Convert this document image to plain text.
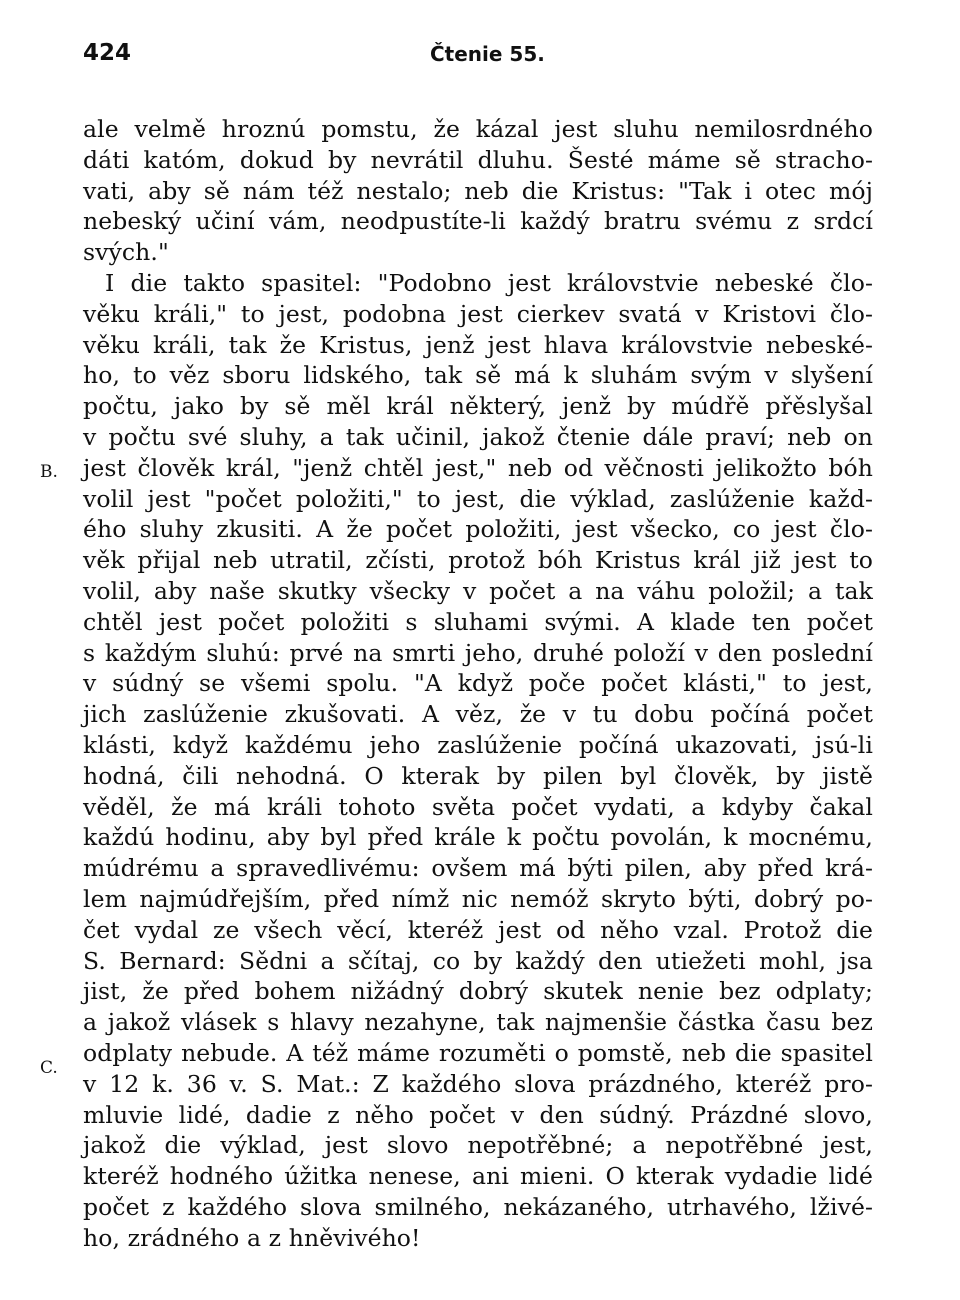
424	Čtenie 55.
B.
C.
ale velmě hroznú pomstu, že kázal jest sluhu nemilosrdného
dáti katóm, dokud by nevrátil dluhu. Šesté máme sě stracho-
vati, aby sě nám též nestalo; neb die Kristus: "Tak i otec mój
nebeský učiní vám, neodpustíte-li každý bratru svému z srdcí
svých."
I die takto spasitel: "Podobno jest královstvie nebeské člo-
věku králi," to jest, podobna jest cierkev svatá v Kristovi člo-
věku králi, tak že Kristus, jenž jest hlava královstvie nebeské-
ho, to věz sboru lidského, tak sě má k sluhám svým v slyšení
počtu, jako by sě měl král některý, jenž by múdřě přěslyšal
v počtu své sluhy, a tak učinil, jakož čtenie dále praví; neb on
jest člověk král, "jenž chtěl jest," neb od věčnosti jelikožto bóh
volil jest "počet položiti," to jest, die výklad, zaslúženie každ-
ého sluhy zkusiti. A že počet položiti, jest všecko, co jest člo-
věk přijal neb utratil, zčísti, protož bóh Kristus král již jest to
volil, aby naše skutky všecky v počet a na váhu položil; a tak
chtěl jest počet položiti s sluhami svými. A klade ten počet
s každým sluhú: prvé na smrti jeho, druhé položí v den poslední
v súdný se všemi spolu. "A když poče počet klásti," to jest,
jich zaslúženie zkušovati. A věz, že v tu dobu počíná počet
klásti, když každému jeho zaslúženie počíná ukazovati, jsú-li
hodná, čili nehodná. O kterak by pilen byl člověk, by jistě
věděl, že má králi tohoto světa počet vydati, a kdyby čakal
každú hodinu, aby byl před krále k počtu povolán, k mocnému,
múdrému a spravedlivému: ovšem má býti pilen, aby před krá-
lem najmúdřejším, před nímž nic nemóž skryto býti, dobrý po-
čet vydal ze všech věcí, kteréž jest od něho vzal. Protož die
S. Bernard: Sědni a sčítaj, co by každý den utiežeti mohl, jsa
jist, že před bohem nižádný dobrý skutek nenie bez odplaty;
a jakož vlásek s hlavy nezahyne, tak najmenšie částka času bez
odplaty nebude. A též máme rozuměti o pomstě, neb die spasitel
v 12 k. 36 v. S. Mat.: Z každého slova prázdného, kteréž pro-
mluvie lidé, dadie z něho počet v den súdný. Prázdné slovo,
jakož die výklad, jest slovo nepotřěbné; a nepotřěbné jest,
kteréž hodného úžitka nenese, ani mieni. O kterak vydadie lidé
počet z každého slova smilného, nekázaného, utrhavého, lživé-
ho, zrádného a z hněvivého!
